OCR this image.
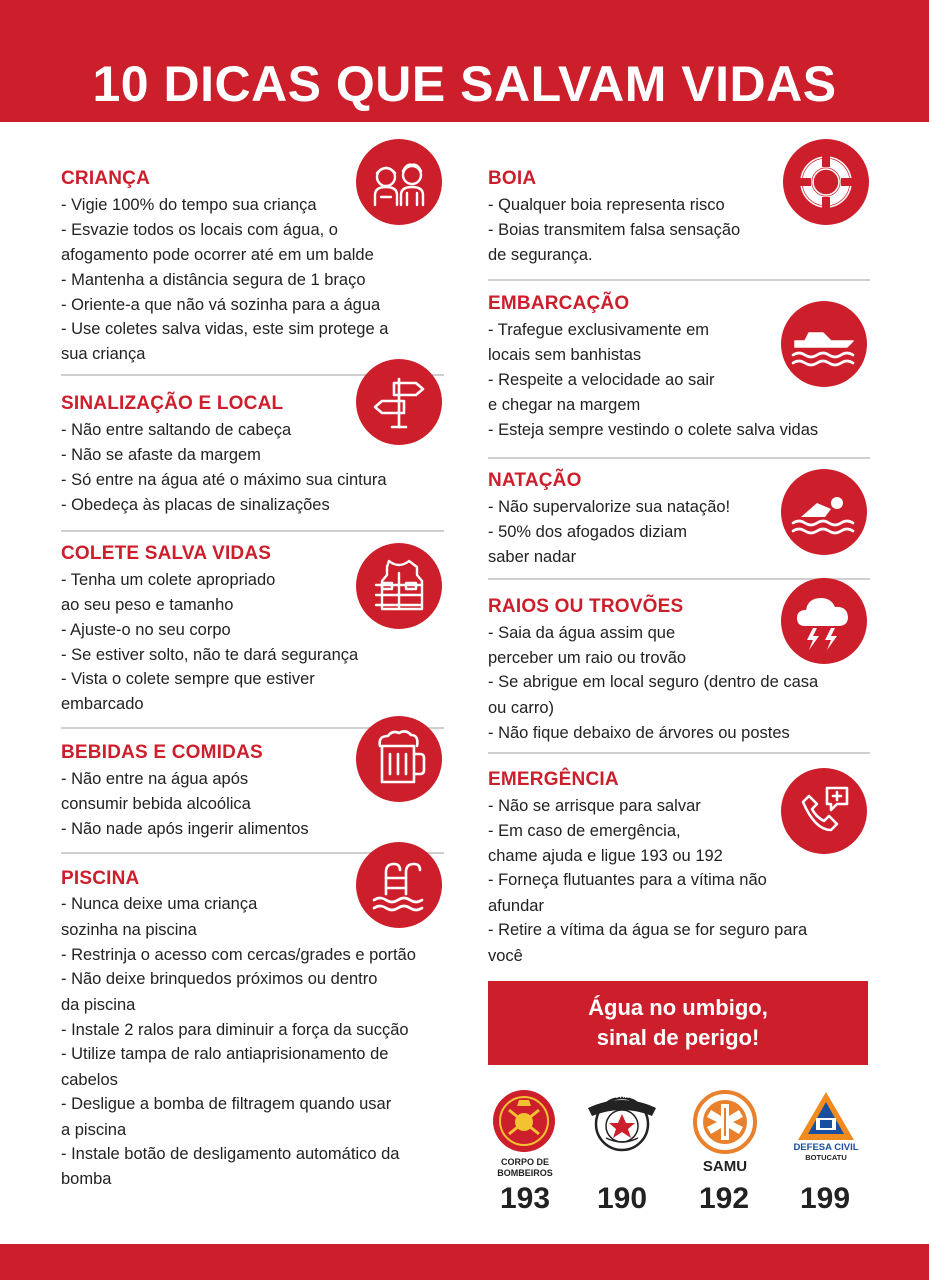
10 DICAS QUE SALVAM VIDAS
CRIANÇA

- Vigie 100% do tempo sua criança

- Esvazie todos os locais com água, o

afogamento pode ocorrer até em um balde

- Mantenha a distância segura de 1 braço

- Oriente-a que não vá sozinha para a água

- Use coletes salva vidas, este sim protege a

sua criança

SINALIZAÇÃO E LOCAL

- Não entre saltando de cabeça

- Não se afaste da margem

- Só entre na água até o máximo sua cintura

- Obedeça às placas de sinalizações

COLETE SALVA VIDAS

- Tenha um colete apropriado

ao seu peso e tamanho

- Ajuste-o no seu corpo

- Se estiver solto, não te dará segurança

- Vista o colete sempre que estiver

embarcado

BEBIDAS E COMIDAS

- Não entre na água após

consumir bebida alcoólica

- Não nade após ingerir alimentos

PISCINA

- Nunca deixe uma criança

sozinha na piscina

- Restrinja o acesso com cercas/grades e portão

- Não deixe brinquedos próximos ou dentro

da piscina

- Instale 2 ralos para diminuir a força da sucção

- Utilize tampa de ralo antiaprisionamento de

cabelos

- Desligue a bomba de filtragem quando usar

a piscina

- Instale botão de desligamento automático da

bomba

BOIA

- Qualquer boia representa risco

- Boias transmitem falsa sensação

de segurança.

EMBARCAÇÃO

- Trafegue exclusivamente em

locais sem banhistas

- Respeite a velocidade ao sair

e chegar na margem

- Esteja sempre vestindo o colete salva vidas

NATAÇÃO

- Não supervalorize sua natação!

- 50% dos afogados diziam

saber nadar

RAIOS OU TROVÕES

- Saia da água assim que

perceber um raio ou trovão

- Se abrigue em local seguro (dentro de casa

ou carro)

- Não fique debaixo de árvores ou postes

EMERGÊNCIA

- Não se arrisque para salvar

- Em caso de emergência,

chame ajuda e ligue 193 ou 192

- Forneça flutuantes para a vítima não

afundar

- Retire a vítima da água se for seguro para

você

Água no umbigo,
sinal de perigo!
CORPO DE
BOMBEIROS
POLÍCIA MILITAR
SAMU
DEFESA CIVIL
BOTUCATU
193	190	192	199
